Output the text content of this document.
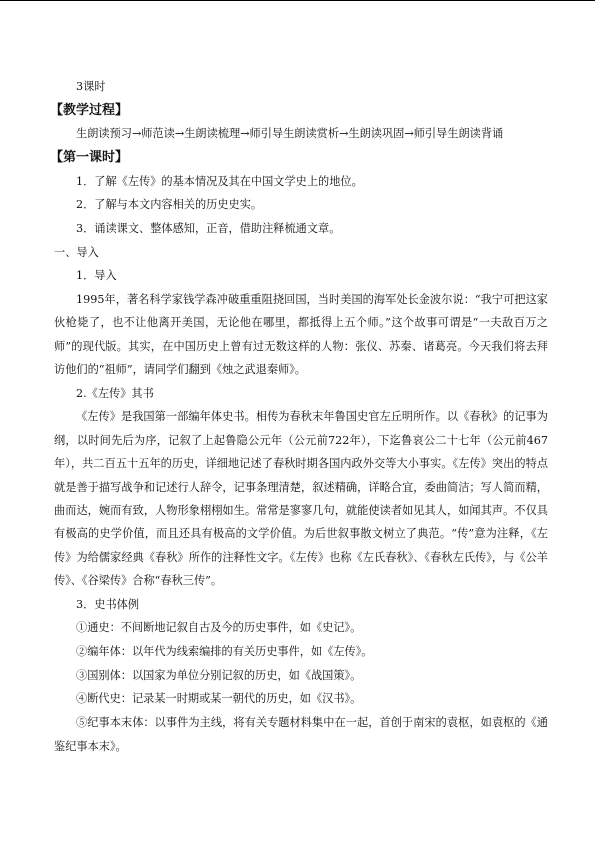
3课时
【教学过程】
生朗读预习→师范读→生朗读梳理→师引导生朗读赏析→生朗读巩固→师引导生朗读背诵
【第一课时】
1．了解《左传》的基本情况及其在中国文学史上的地位。
2．了解与本文内容相关的历史史实。
3．诵读课文、整体感知，正音，借助注释梳通文章。
一、导入
1．导入
1995年，著名科学家钱学森冲破重重阻挠回国，当时美国的海军处长金波尔说：“我宁可把这家伙枪毙了，也不让他离开美国，无论他在哪里，都抵得上五个师。”这个故事可谓是“一夫敌百万之师”的现代版。其实，在中国历史上曾有过无数这样的人物：张仪、苏秦、诸葛亮。今天我们将去拜访他们的“祖师”，请同学们翻到《烛之武退秦师》。
2.《左传》其书
《左传》是我国第一部编年体史书。相传为春秋末年鲁国史官左丘明所作。以《春秋》的记事为纲，以时间先后为序，记叙了上起鲁隐公元年（公元前722年），下迄鲁哀公二十七年（公元前467年），共二百五十五年的历史，详细地记述了春秋时期各国内政外交等大小事实。《左传》突出的特点就是善于描写战争和记述行人辞令，记事条理清楚，叙述精确，详略合宜，委曲简洁；写人简而精，曲而达，婉而有致，人物形象栩栩如生。常常是寥寥几句，就能使读者如见其人，如闻其声。不仅具有极高的史学价值，而且还具有极高的文学价值。为后世叙事散文树立了典范。“传”意为注释，《左传》为给儒家经典《春秋》所作的注释性文字。《左传》也称《左氏春秋》、《春秋左氏传》，与《公羊传》、《谷梁传》合称“春秋三传”。
3．史书体例
①通史：不间断地记叙自古及今的历史事件，如《史记》。
②编年体：以年代为线索编排的有关历史事件，如《左传》。
③国别体：以国家为单位分别记叙的历史，如《战国策》。
④断代史：记录某一时期或某一朝代的历史，如《汉书》。
⑤纪事本末体：以事件为主线，将有关专题材料集中在一起，首创于南宋的袁枢，如袁枢的《通鉴纪事本末》。
